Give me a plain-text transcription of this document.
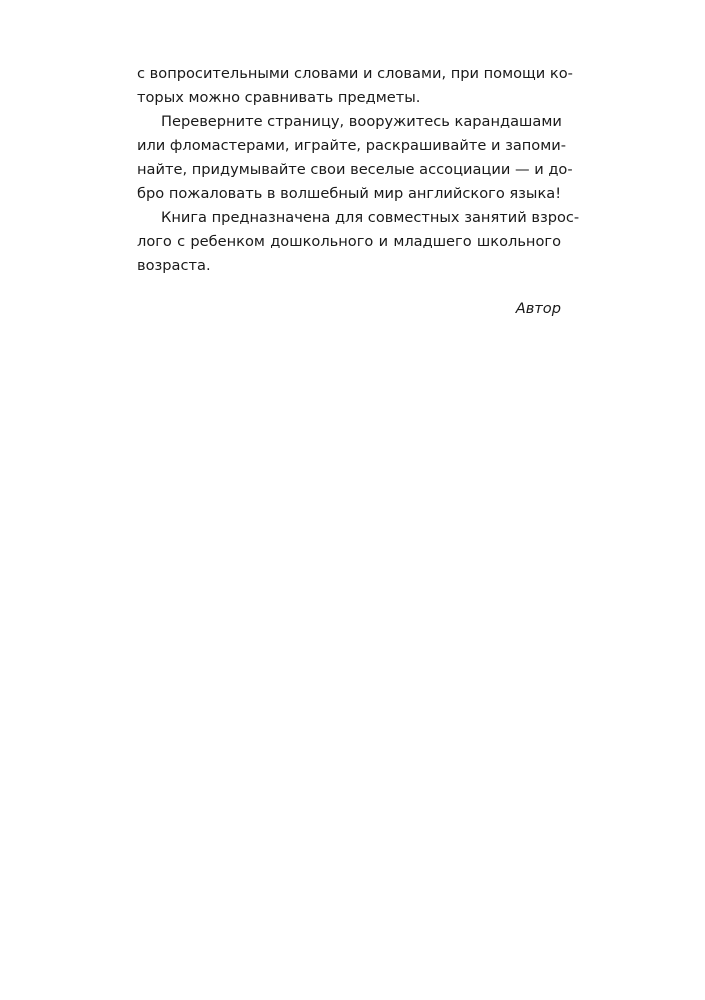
с вопросительными словами и словами, при помощи ко-
торых можно сравнивать предметы.
Переверните страницу, вооружитесь карандашами
или фломастерами, играйте, раскрашивайте и запоми-
найте, придумывайте свои веселые ассоциации — и до-
бро пожаловать в волшебный мир английского языка!
Книга предназначена для совместных занятий взрос-
лого с ребенком дошкольного и младшего школьного
возраста.
Автор
